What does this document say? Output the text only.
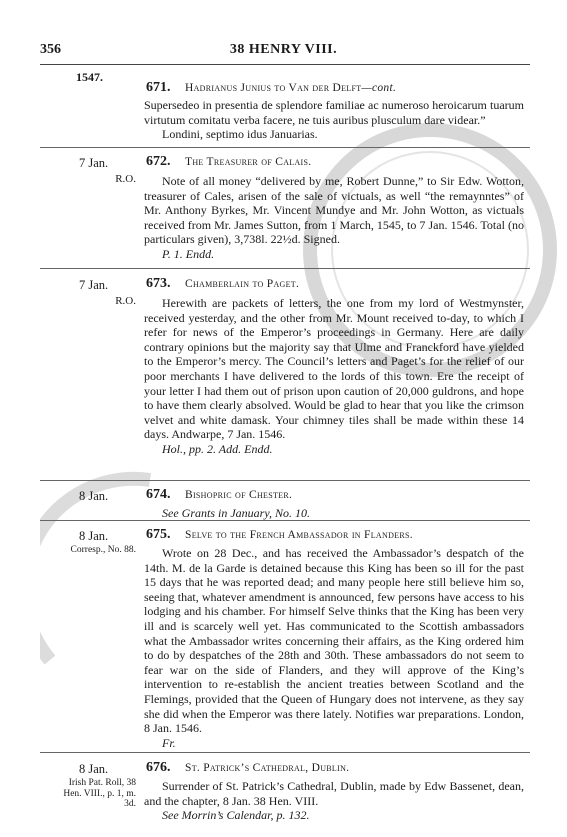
356	38 HENRY VIII.
1547.
671. Hadrianus Junius to Van der Delft—cont.

Supersedeo in presentia de splendore familiae ac numeroso heroicarum tuarum virtutum comitatu verba facere, ne tuis auribus plusculum dare videar.”

Londini, septimo idus Januarias.

7 Jan.
R.O.
672. The Treasurer of Calais.

Note of all money “delivered by me, Robert Dunne,” to Sir Edw. Wotton, treasurer of Cales, arisen of the sale of victuals, as well “the remaynntes” of Mr. Anthony Byrkes, Mr. Vincent Mundye and Mr. John Wotton, as victuals received from Mr. James Sutton, from 1 March, 1545, to 7 Jan. 1546. Total (no particulars given), 3,738l. 22½d. Signed.

P. 1. Endd.

7 Jan.
R.O.
673. Chamberlain to Paget.

Herewith are packets of letters, the one from my lord of Westmynster, received yesterday, and the other from Mr. Mount received to-day, to which I refer for news of the Emperor’s proceedings in Germany. Here are daily contrary opinions but the majority say that Ulme and Franckford have yielded to the Emperor’s mercy. The Council’s letters and Paget’s for the relief of our poor merchants I have delivered to the lords of this town. Ere the receipt of your letter I had them out of prison upon caution of 20,000 guldrons, and hope to have them clearly absolved. Would be glad to hear that you like the crimson velvet and white damask. Your chimney tiles shall be made within these 14 days. Andwarpe, 7 Jan. 1546.

Hol., pp. 2. Add. Endd.

8 Jan.	674. Bishopric of Chester.

See Grants in January, No. 10.

8 Jan.
Corresp., No. 88.
675. Selve to the French Ambassador in Flanders.

Wrote on 28 Dec., and has received the Ambassador’s despatch of the 14th. M. de la Garde is detained because this King has been so ill for the past 15 days that he was reported dead; and many people here still believe him so, seeing that, whatever amendment is announced, few persons have access to his lodging and his chamber. For himself Selve thinks that the King has been very ill and is scarcely well yet. Has communicated to the Scottish ambassadors what the Ambassador writes concerning their affairs, as the King ordered him to do by despatches of the 28th and 30th. These ambassadors do not seem to fear war on the side of Flanders, and they will approve of the King’s intervention to re-establish the ancient treaties between Scotland and the Flemings, provided that the Queen of Hungary does not intervene, as they say she did when the Emperor was there lately. Notifies war preparations. London, 8 Jan. 1546.

Fr.

8 Jan.
Irish Pat. Roll, 38 Hen. VIII., p. 1, m. 3d.
676. St. Patrick’s Cathedral, Dublin.

Surrender of St. Patrick’s Cathedral, Dublin, made by Edw Bassenet, dean, and the chapter, 8 Jan. 38 Hen. VIII.

See Morrin’s Calendar, p. 132.
